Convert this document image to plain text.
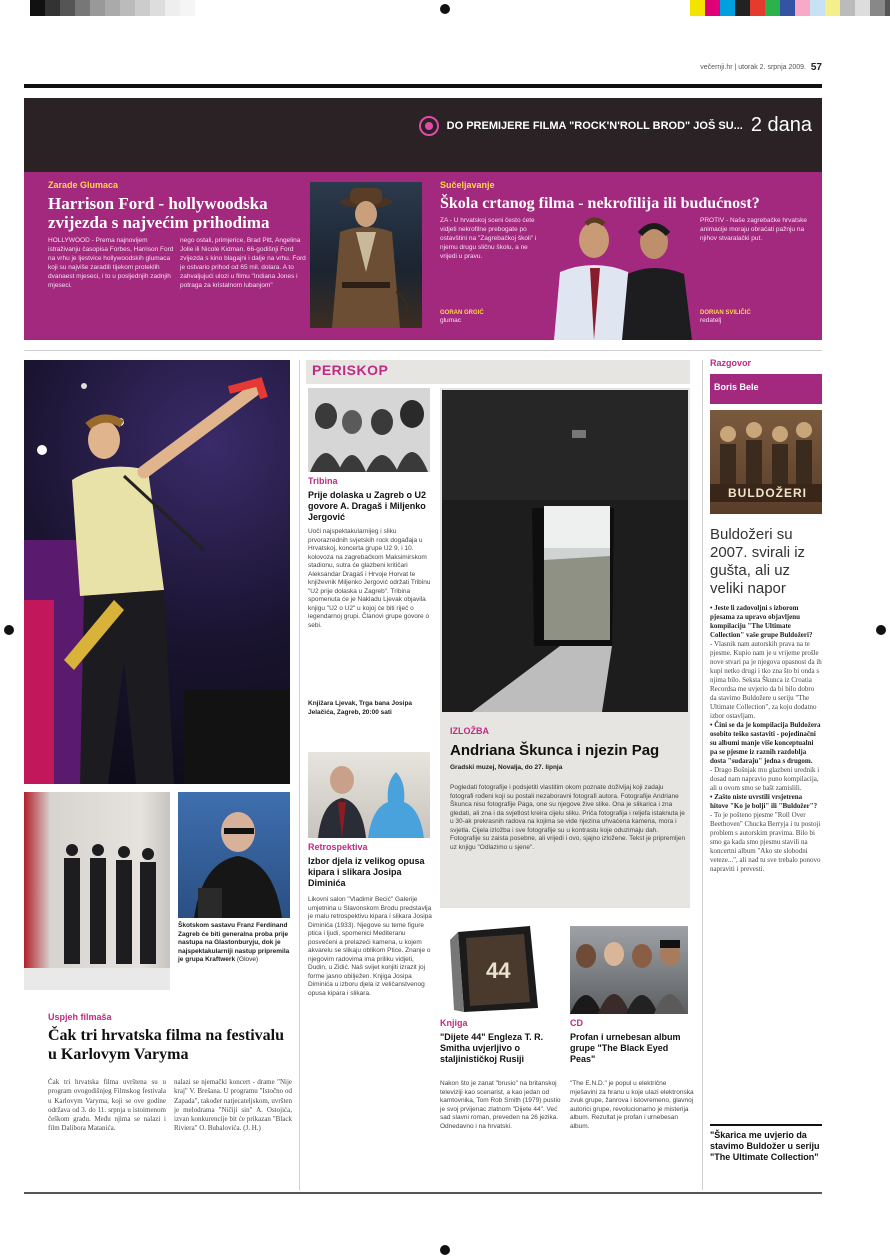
večernji.hr | utorak 2. srpnja 2009. 57
DO PREMIJERE FILMA "ROCK'N'ROLL BROD" JOŠ SU... 2 dana
Zarade Glumaca
Harrison Ford - hollywoodska zvijezda s najvećim prihodima
HOLLYWOOD - Prema najnovijem istraživanju časopisa Forbes, Harrison Ford na vrhu je ljestvice hollywoodskih glumaca koji su najviše zaradili tijekom proteklih dvanaest mjeseci, i to u posljednjih zadnjih mjeseci.
nego ostali, primjerice, Brad Pitt, Angelina Jolie ili Nicole Kidman. 66-godišnji Ford zvijezda s kino blagajni i dalje na vrhu. Ford je ostvario prihod od 65 mil. dolara. A to zahvaljujući ulozi u filmu "Indiana Jones i potraga za kristalnom lubanjom"
Sučeljavanje
Škola crtanog filma - nekrofilija ili budućnost?
ZA - U hrvatskoj sceni često ćete vidjeti nekrofilne prebogate po ostavštini na "Zagrebačkoj školi" i njemu drugu sličnu školu, a ne vrijedi u pravu.
PROTIV - Naše zagrebačke hrvatske animacije moraju obraćati pažnju na njihov stvaralački put.
GORAN GRGIĆ
glumac
DORIAN SVILIČIĆ
redatelj
Škotskom sastavu Franz Ferdinand Zagreb će biti generalna proba prije nastupa na Glastonburyju, dok je najspektakularniji nastup pripremila je grupa Kraftwerk (Glove)
Uspjeh filmaša
Čak tri hrvatska filma na festivalu u Karlovym Varyma
Čak tri hrvatska filma uvrštena su u program ovogodišnjeg Filmskog festivala u Karlovym Varyma, koji se ove godine održava od 3. do 11. srpnja u istoimenom češkom gradu. Među njima se nalazi i film Dalibora Matanića.
nalazi se njemački koncert - drame "Nije kraj" V. Brešana. U programu "Istočno od Zapada", također natjecateljskom, uvršten je melodrama "Ničiji sin" A. Ostojića, izvan konkurencije bit će prikazan "Black Riviera" O. Bubalovića. (J. H.)
PERISKOP
Tribina
Prije dolaska u Zagreb o U2 govore A. Dragaš i Miljenko Jergović
Uoči najspektakularnijeg i sliku prvorazrednih svjetskih rock događaja u Hrvatskoj, koncerta grupe U2 9. i 10. kolovoza na zagrebačkom Maksimirskom stadionu, sutra će glazbeni kritičari Aleksandar Dragaš i Hrvoje Horvat te književnik Miljenko Jergović održati Tribinu "U2 prije dolaska u Zagreb". Tribina spomenuta će je Nakladu Ljevak objavila knjigu "U2 o U2" u kojoj će biti riječ o legendarnoj grupi. Članovi grupe govore o sebi.
Knjižara Ljevak, Trga bana Josipa Jelačića, Zagreb, 20:00 sati
Retrospektiva
Izbor djela iz velikog opusa kipara i slikara Josipa Diminića
Likovni salon "Vladimir Becić" Galerije umjetnina u Slavonskom Brodu predstavlja je malu retrospektivu kipara i slikara Josipa Diminića (1933). Njegove su teme figure ptica i ljudi, spomenici Mediteranu posvećeni a prelazeći kamena, u kojem akvarelu se slikaju oblikom Ptice. Znanje o njegovim radovima ima priliku vidjeti, Dudin, u Zidić. Naš svijet konjiti izrazit joj forme jasno obilježen. Knjiga Josipa Diminića u izboru djela iz veličanstvenog opusa kipara i slikara.
IZLOŽBA
Andriana Škunca i njezin Pag
Gradski muzej, Novalja, do 27. lipnja
Pogledati fotografije i podsjetiti vlastitim okom poznate doživljaj koji zadaju fotografi rođeni koji su postali nezaboravni fotografi autora. Fotografije Andriane Škunca nisu fotografije Paga, one su njegove žive slike. Ona je slikarica i zna gledati, ali zna i da svjetlost kreira cijelu sliku. Priča fotografija i reljefa istaknuta je u 30-ak prekrasnih radova na kojima se vide njezina uhvaćena kamena, mora i svjetla. Cijela izložba i sve fotografije su u kontrastu koje oduzimaju dah. Fotografije su zaista posebne, ali vrijedi i ovo, sjajno izložene. Tekst je pripremljen uz knjigu "Odlazimo u sjene".
44
Knjiga
"Dijete 44" Engleza T. R. Smitha uvjerljivo o staljinističkoj Rusiji
Nakon što je zanat "brusio" na britanskoj televiziji kao scenarist, a kao jedan od kamtovnika, Tom Rob Smith (1979) pustio je svoj prvijenac zlatnom "Dijete 44". Već sad slavni roman, preveden na 26 jezika. Odnedavno i na hrvatski.
CD
Profan i urnebesan album grupe "The Black Eyed Peas"
"The E.N.D." je popul u električne mješavini za hranu u koje ulazi elektronska zvuk grupe, žanrova i istovremeno, glavnoj autorici grupe, revolucionarno je misterija album. Rezultat je profan i urnebesan album.
Razgovor
Boris Bele
BULDOŽERI
Buldožeri su 2007. svirali iz gušta, ali uz veliki napor
• Jeste li zadovoljni s izborom pjesama za upravo objavljenu kompilaciju "The Ultimate Collection" vaše grupe Buldožeri?
- Vlasnik nam autorskih prava na te pjesme. Kupio nam je u vrijeme prošle nove stvari pa je njegova opasnost da ih kupi netko drugi i tko zna što bi onda s njima bilo. Seksta Škunca iz Croatia Recordsa me uvjerio da bi bilo dobro da stavimo Buldožere u seriju "The Ultimate Collection", za koju dodatno izbor ostavljam.
• Čini se da je kompilacija Buldožera osobito teško sastaviti - pojedinačni su albumi manje više konceptualni pa se pjesme iz raznih razdoblja dosta "sudaraju" jedna s drugom.
- Drago Bošnjak mu glazbeni urednik i dosad nam napravio puno kompilacija, ali u ovom smo se bašt zamislili.
• Zašto niste uvrstili vrsjetrena hitove "Ko je bolji" ili "Buldožer"?
- To je pošteno pjesme "Roll Over Beethoven" Chucka Berryja i tu postoji problem s autorskim pravima. Bilo bi smo ga kada smo pjesmu stavili na koncertni album "Ako ste slobodni veteze...", ali nad tu sve trebalo ponovo napraviti i prevesti.
"Škarica me uvjerio da stavimo Buldožer u seriju "The Ultimate Collection"
